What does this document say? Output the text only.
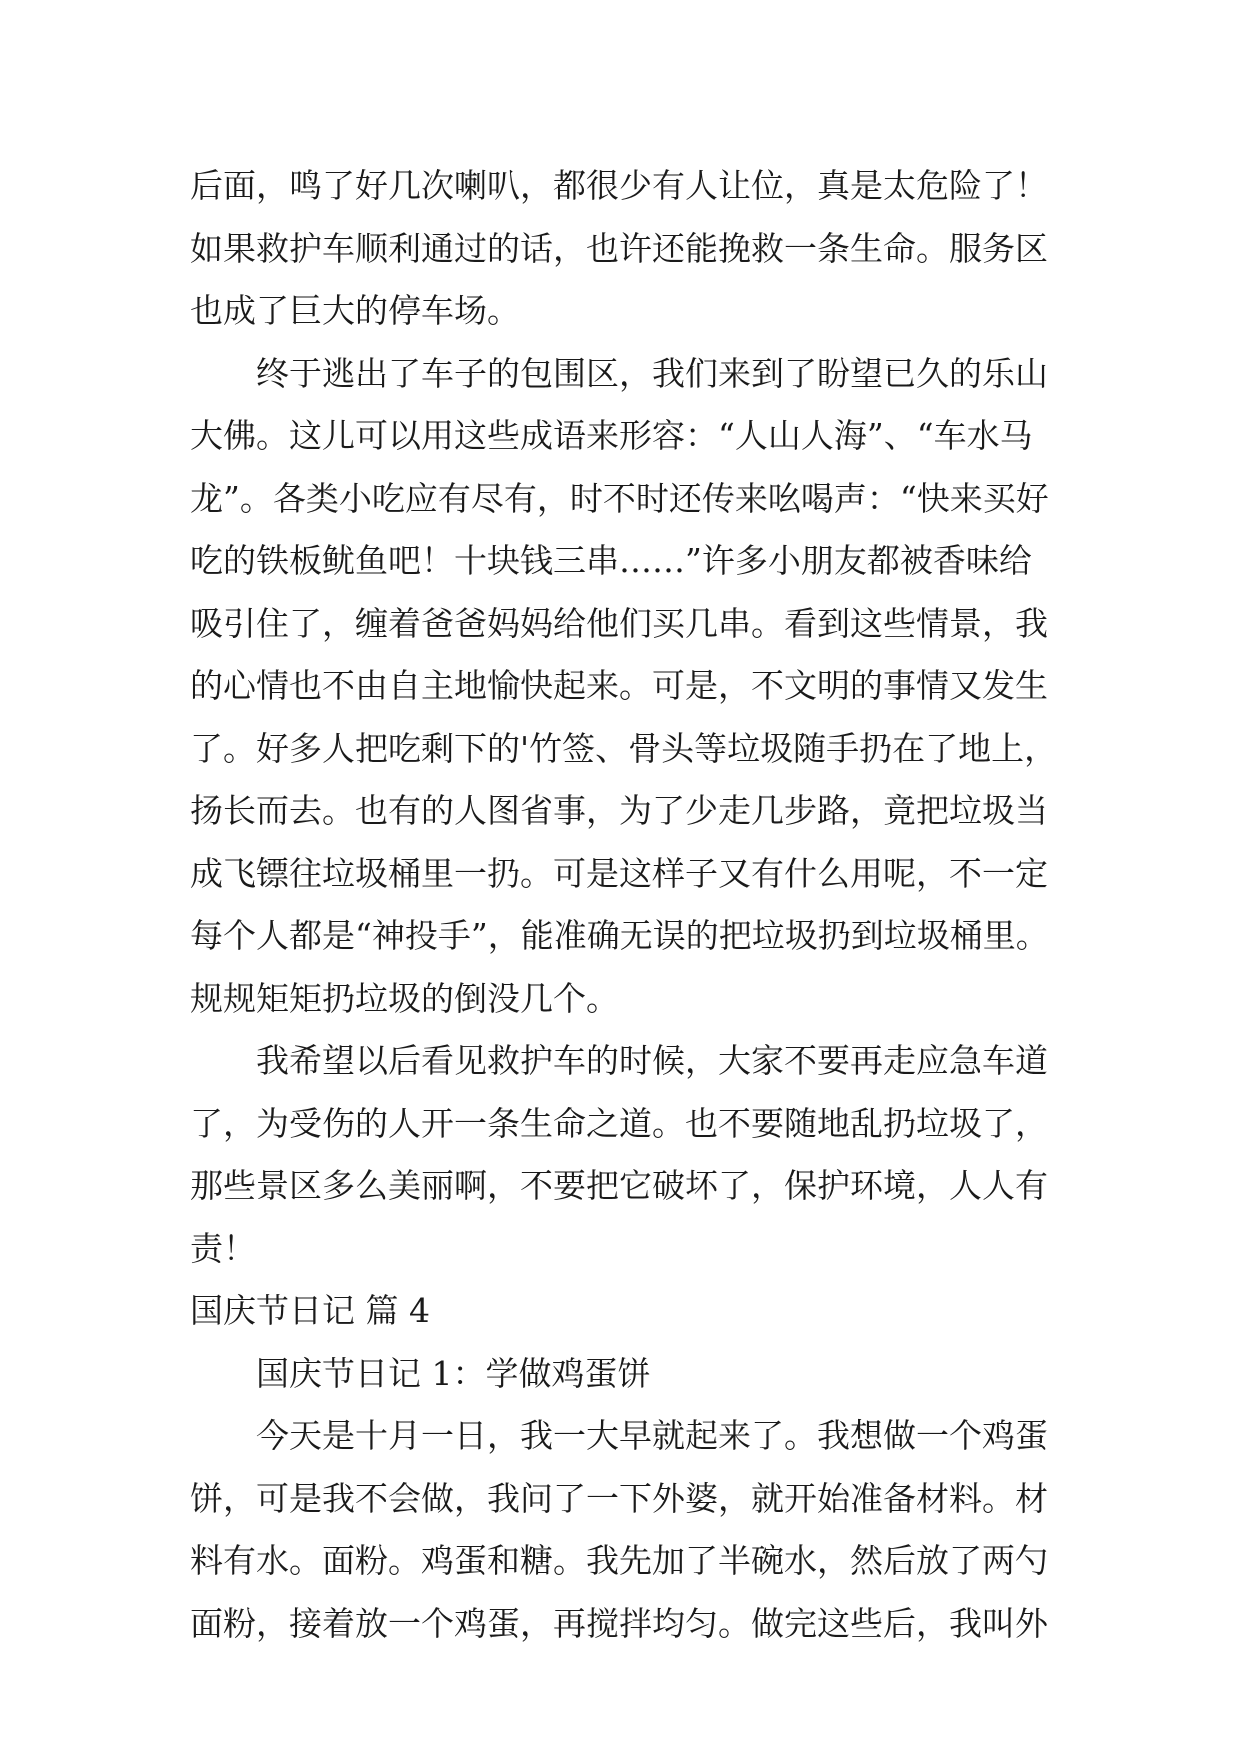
后面，鸣了好几次喇叭，都很少有人让位，真是太危险了！

如果救护车顺利通过的话，也许还能挽救一条生命。服务区

也成了巨大的停车场。

终于逃出了车子的包围区，我们来到了盼望已久的乐山

大佛。这儿可以用这些成语来形容：“人山人海”、“车水马

龙”。各类小吃应有尽有，时不时还传来吆喝声：“快来买好

吃的铁板鱿鱼吧！十块钱三串……”许多小朋友都被香味给

吸引住了，缠着爸爸妈妈给他们买几串。看到这些情景，我

的心情也不由自主地愉快起来。可是，不文明的事情又发生

了。好多人把吃剩下的'竹签、骨头等垃圾随手扔在了地上，

扬长而去。也有的人图省事，为了少走几步路，竟把垃圾当

成飞镖往垃圾桶里一扔。可是这样子又有什么用呢，不一定

每个人都是“神投手”，能准确无误的把垃圾扔到垃圾桶里。

规规矩矩扔垃圾的倒没几个。

我希望以后看见救护车的时候，大家不要再走应急车道

了，为受伤的人开一条生命之道。也不要随地乱扔垃圾了，

那些景区多么美丽啊，不要把它破坏了，保护环境，人人有

责！

国庆节日记 篇 4

国庆节日记 1：学做鸡蛋饼

今天是十月一日，我一大早就起来了。我想做一个鸡蛋

饼，可是我不会做，我问了一下外婆，就开始准备材料。材

料有水。面粉。鸡蛋和糖。我先加了半碗水，然后放了两勺

面粉，接着放一个鸡蛋，再搅拌均匀。做完这些后，我叫外
